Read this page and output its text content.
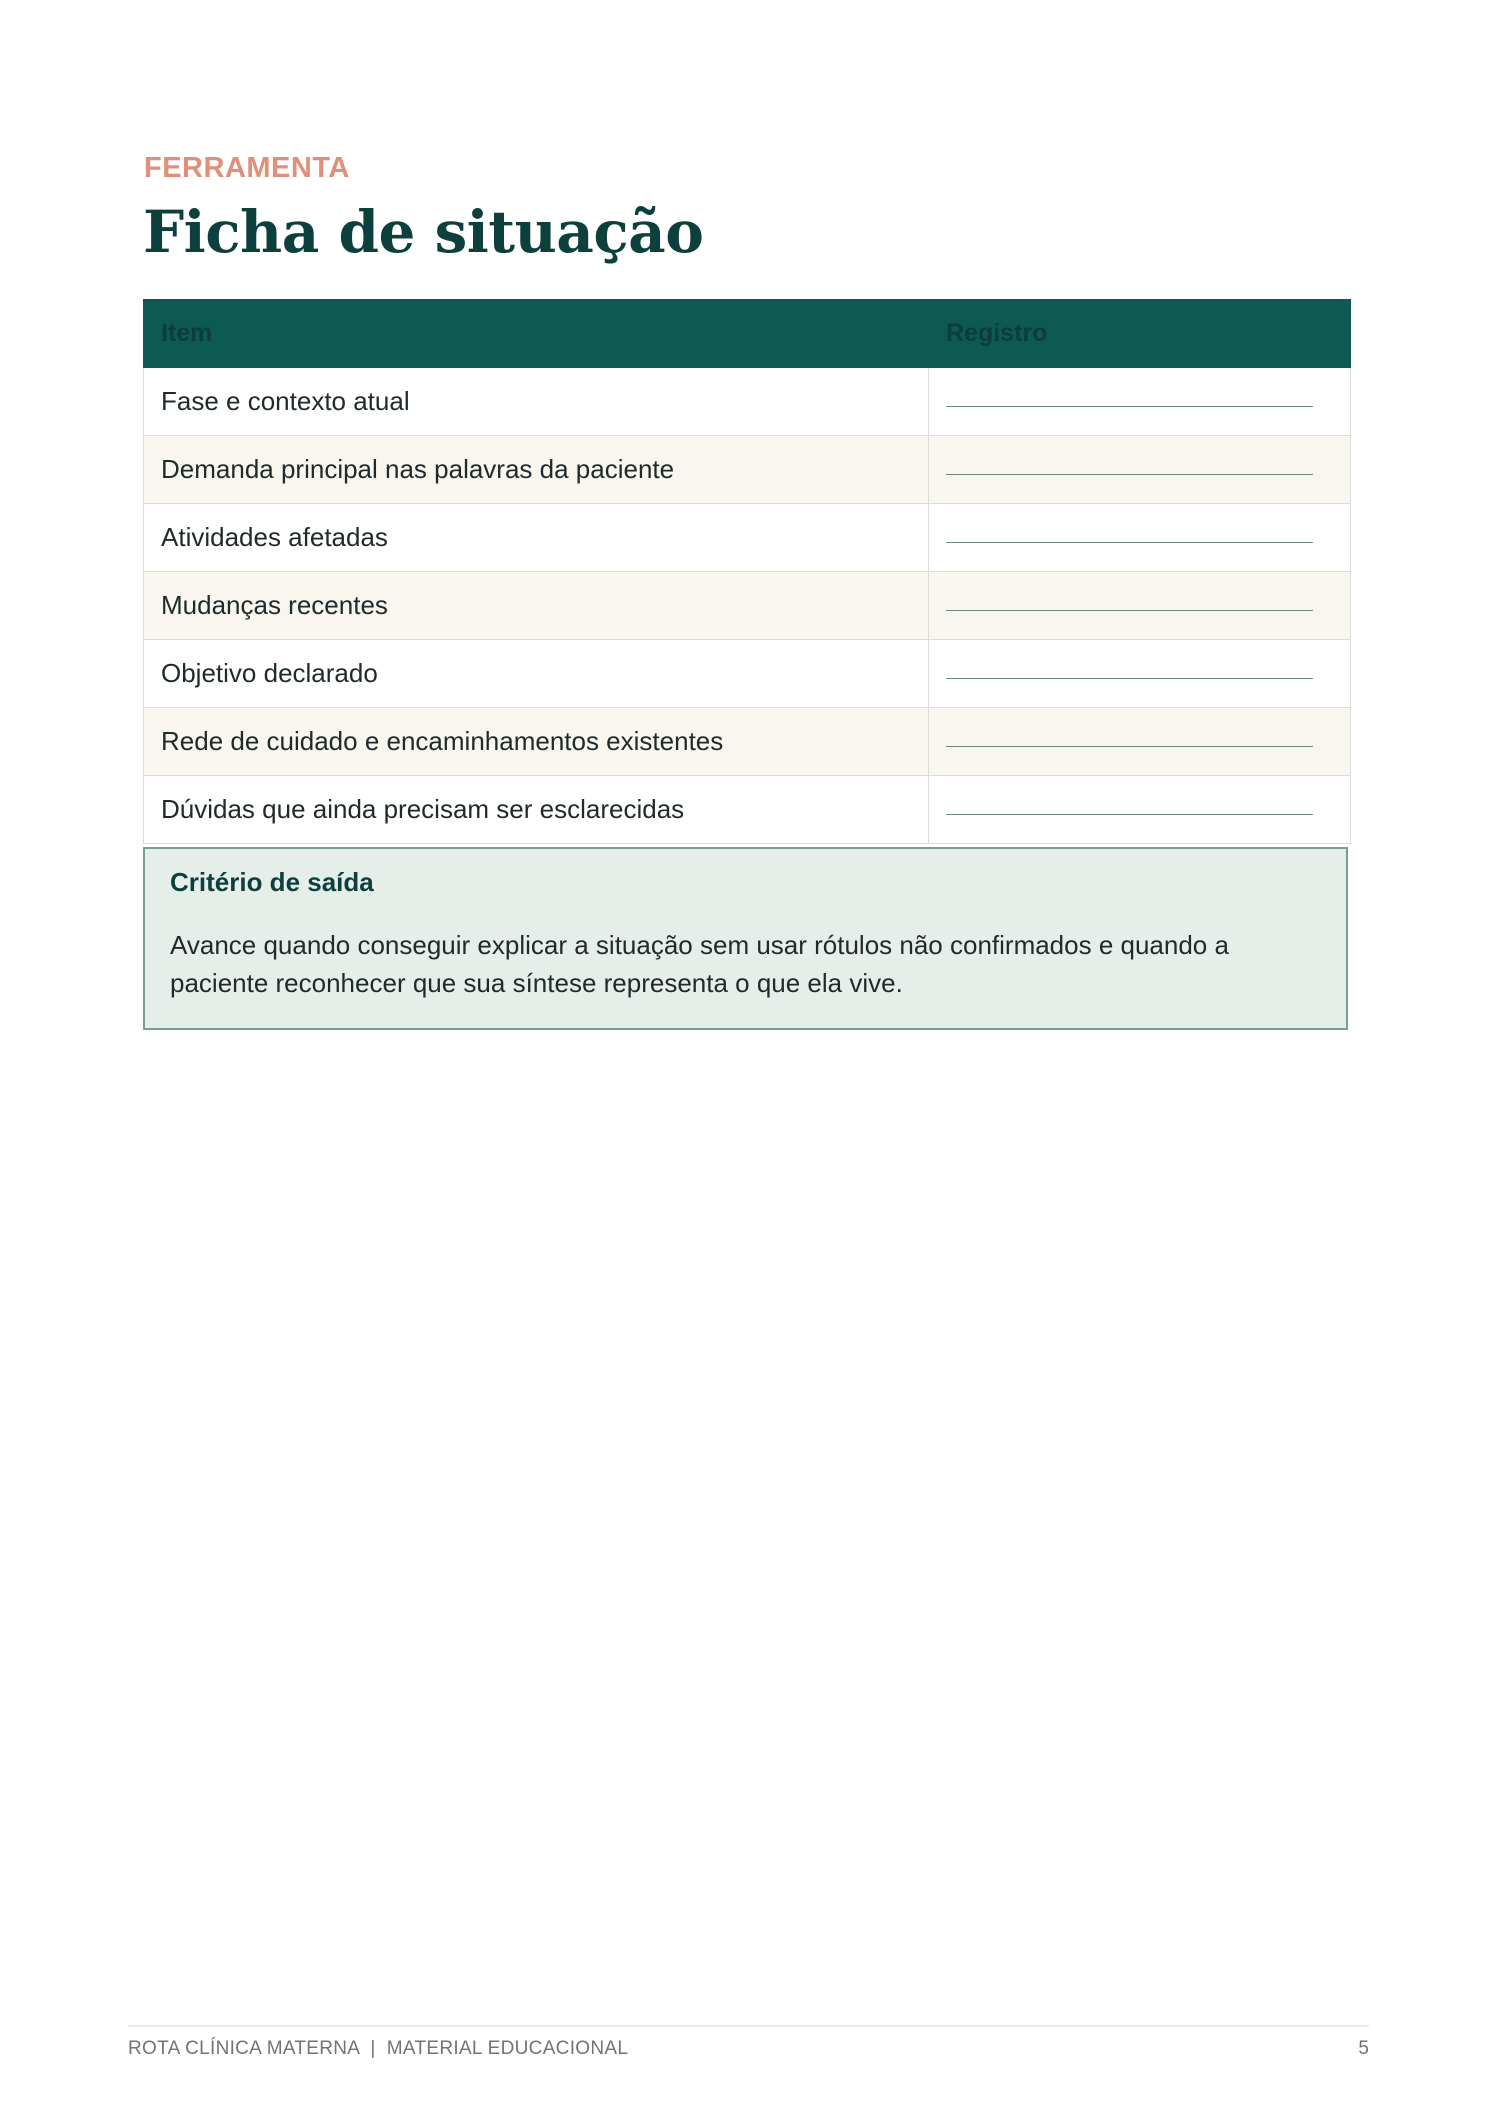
FERRAMENTA
Ficha de situação
Item	Registro
Fase e contexto atual	

Demanda principal nas palavras da paciente	

Atividades afetadas	

Mudanças recentes	

Objetivo declarado	

Rede de cuidado e encaminhamentos existentes	

Dúvidas que ainda precisam ser esclarecidas	
Critério de saída
Avance quando conseguir explicar a situação sem usar rótulos não confirmados e quando a paciente reconhecer que sua síntese representa o que ela vive.
ROTA CLÍNICA MATERNA  |  MATERIAL EDUCACIONAL	5
